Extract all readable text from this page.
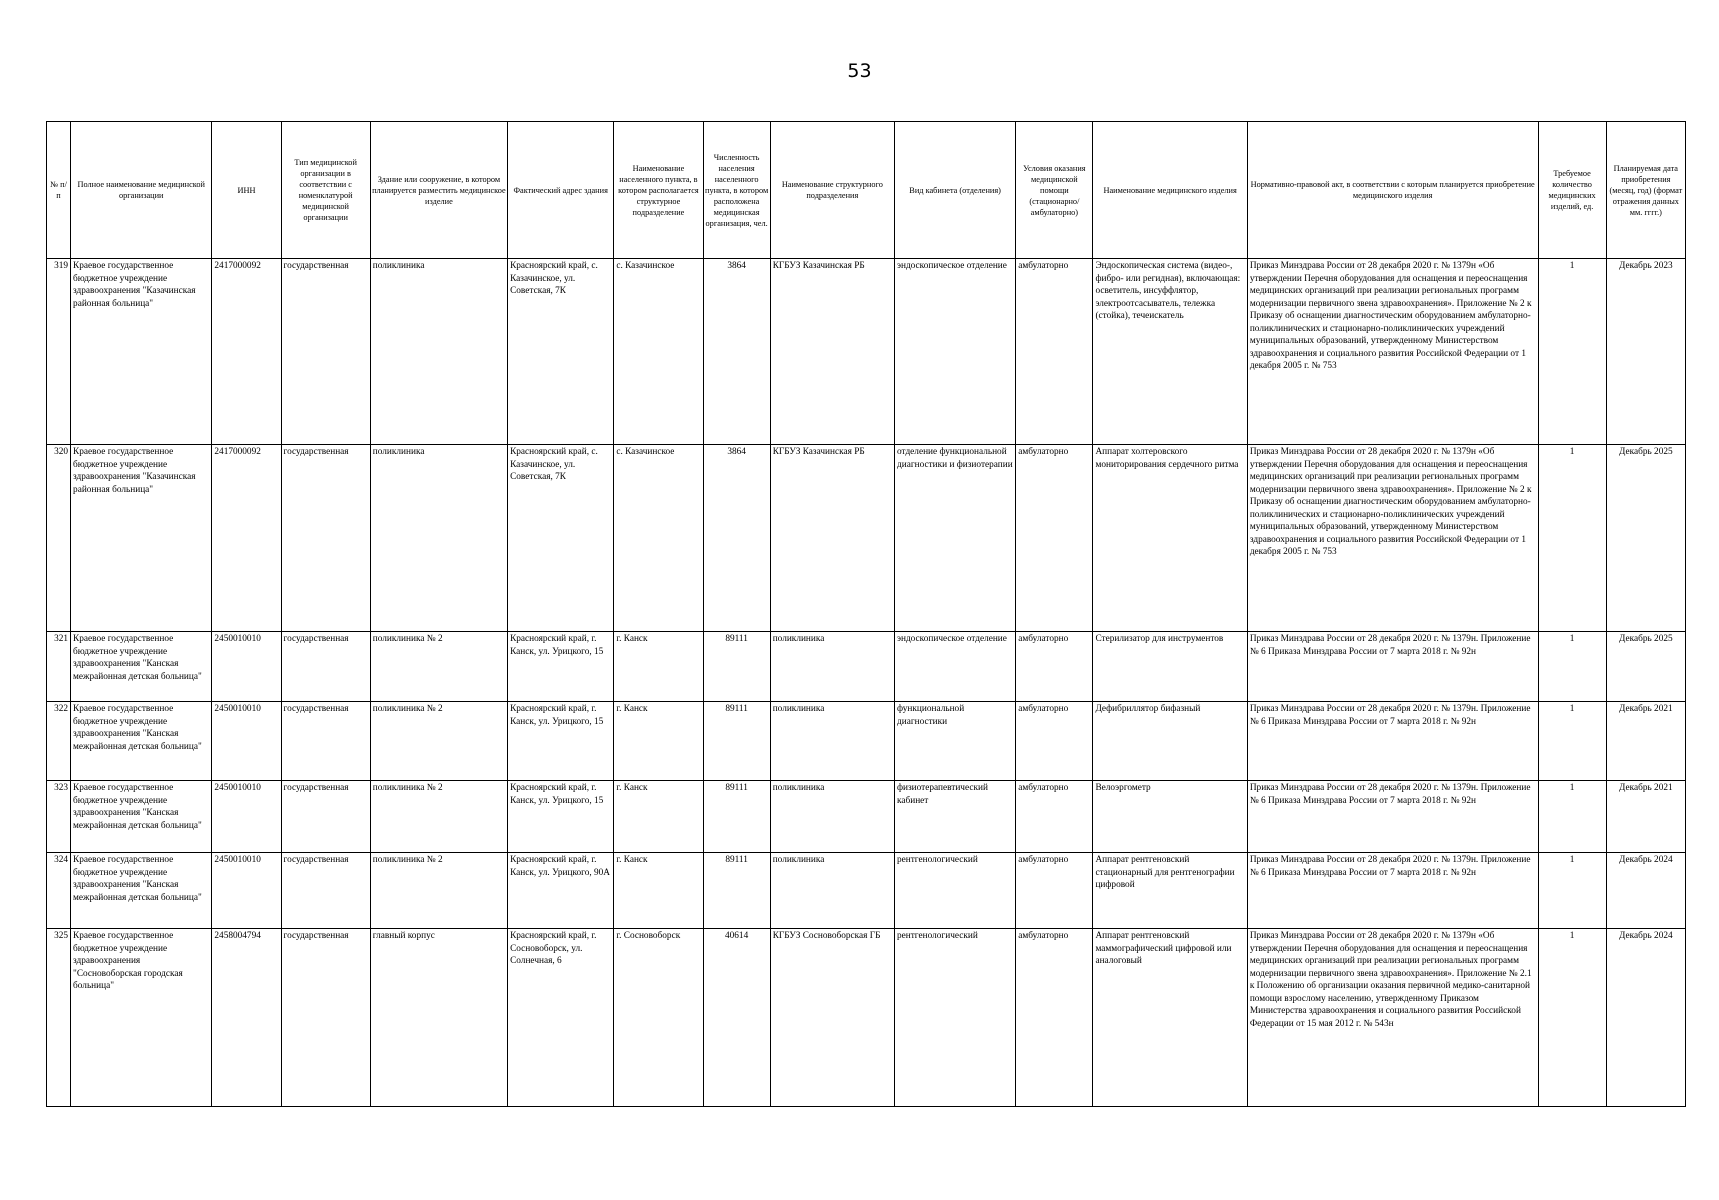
53
№ п/п	Полное наименование медицинской организации	ИНН	Тип медицинской организации в соответствии с номенклатурой медицинской организации	Здание или сооружение, в котором планируется разместить медицинское изделие	Фактический адрес здания	Наименование населенного пункта, в котором располагается структурное подразделение	Численность населения населенного пункта, в котором расположена медицинская организация, чел.	Наименование структурного подразделения	Вид кабинета (отделения)	Условия оказания медицинской помощи (стационарно/ амбулаторно)	Наименование медицинского изделия	Нормативно-правовой акт, в соответствии с которым планируется приобретение медицинского изделия	Требуемое количество медицинских изделий, ед.	Планируемая дата приобретения (месяц, год) (формат отражения данных мм. гггг.)
319	Краевое государственное бюджетное учреждение здравоохранения "Казачинская районная больница"	2417000092	государственная	поликлиника	Красноярский край, с. Казачинское, ул. Советская, 7К	с. Казачинское	3864	КГБУЗ Казачинская РБ	эндоскопическое отделение	амбулаторно	Эндоскопическая система (видео-, фибро- или регидная), включающая: осветитель, инсуффлятор, электроотсасыватель, тележка (стойка), течеискатель	Приказ Минздрава России от 28 декабря 2020 г. № 1379н «Об утверждении Перечня оборудования для оснащения и переоснащения медицинских организаций при реализации региональных программ модернизации первичного звена здравоохранения». Приложение № 2 к Приказу об оснащении диагностическим оборудованием амбулаторно-поликлинических и стационарно-поликлинических учреждений муниципальных образований, утвержденному Министерством здравоохранения и социального развития Российской Федерации от 1 декабря 2005 г. № 753	1	Декабрь 2023
320	Краевое государственное бюджетное учреждение здравоохранения "Казачинская районная больница"	2417000092	государственная	поликлиника	Красноярский край, с. Казачинское, ул. Советская, 7К	с. Казачинское	3864	КГБУЗ Казачинская РБ	отделение функциональной диагностики и физиотерапии	амбулаторно	Аппарат холтеровского мониторирования сердечного ритма	Приказ Минздрава России от 28 декабря 2020 г. № 1379н «Об утверждении Перечня оборудования для оснащения и переоснащения медицинских организаций при реализации региональных программ модернизации первичного звена здравоохранения». Приложение № 2 к Приказу об оснащении диагностическим оборудованием амбулаторно-поликлинических и стационарно-поликлинических учреждений муниципальных образований, утвержденному Министерством здравоохранения и социального развития Российской Федерации от 1 декабря 2005 г. № 753	1	Декабрь 2025
321	Краевое государственное бюджетное учреждение здравоохранения "Канская межрайонная детская больница"	2450010010	государственная	поликлиника № 2	Красноярский край, г. Канск, ул. Урицкого, 15	г. Канск	89111	поликлиника	эндоскопическое отделение	амбулаторно	Стерилизатор для инструментов	Приказ Минздрава России от 28 декабря 2020 г. № 1379н. Приложение № 6 Приказа Минздрава России от 7 марта 2018 г. № 92н	1	Декабрь 2025
322	Краевое государственное бюджетное учреждение здравоохранения "Канская межрайонная детская больница"	2450010010	государственная	поликлиника № 2	Красноярский край, г. Канск, ул. Урицкого, 15	г. Канск	89111	поликлиника	функциональной диагностики	амбулаторно	Дефибриллятор бифазный	Приказ Минздрава России от 28 декабря 2020 г. № 1379н. Приложение № 6 Приказа Минздрава России от 7 марта 2018 г. № 92н	1	Декабрь 2021
323	Краевое государственное бюджетное учреждение здравоохранения "Канская межрайонная детская больница"	2450010010	государственная	поликлиника № 2	Красноярский край, г. Канск, ул. Урицкого, 15	г. Канск	89111	поликлиника	физиотерапевтический кабинет	амбулаторно	Велоэргометр	Приказ Минздрава России от 28 декабря 2020 г. № 1379н. Приложение № 6 Приказа Минздрава России от 7 марта 2018 г. № 92н	1	Декабрь 2021
324	Краевое государственное бюджетное учреждение здравоохранения "Канская межрайонная детская больница"	2450010010	государственная	поликлиника № 2	Красноярский край, г. Канск, ул. Урицкого, 90А	г. Канск	89111	поликлиника	рентгенологический	амбулаторно	Аппарат рентгеновский стационарный для рентгенографии цифровой	Приказ Минздрава России от 28 декабря 2020 г. № 1379н. Приложение № 6 Приказа Минздрава России от 7 марта 2018 г. № 92н	1	Декабрь 2024
325	Краевое государственное бюджетное учреждение здравоохранения "Сосновоборская городская больница"	2458004794	государственная	главный корпус	Красноярский край, г. Сосновоборск, ул. Солнечная, 6	г. Сосновоборск	40614	КГБУЗ Сосновоборская ГБ	рентгенологический	амбулаторно	Аппарат рентгеновский маммографический цифровой или аналоговый	Приказ Минздрава России от 28 декабря 2020 г. № 1379н «Об утверждении Перечня оборудования для оснащения и переоснащения медицинских организаций при реализации региональных программ модернизации первичного звена здравоохранения». Приложение № 2.1 к Положению об организации оказания первичной медико-санитарной помощи взрослому населению, утвержденному Приказом Министерства здравоохранения и социального развития Российской Федерации от 15 мая 2012 г. № 543н	1	Декабрь 2024
